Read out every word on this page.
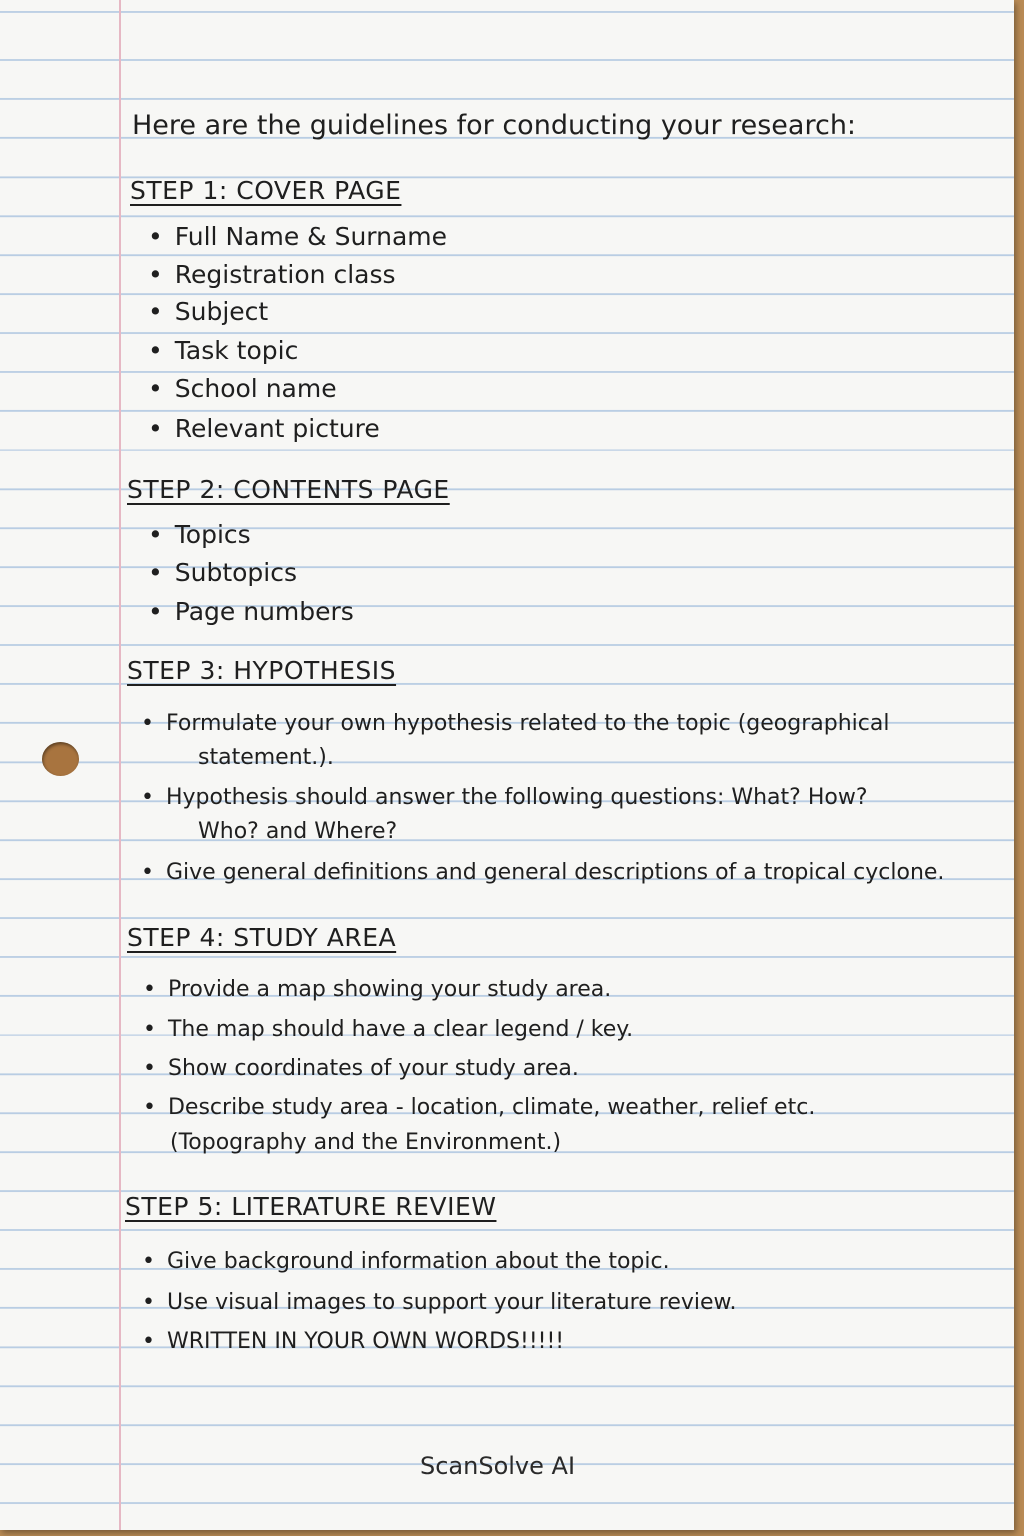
Here are the guidelines for conducting your research:
STEP 1: COVER PAGE
• Full Name & Surname
• Registration class
• Subject
• Task topic
• School name
• Relevant picture
STEP 2: CONTENTS PAGE
• Topics
• Subtopics
• Page numbers
STEP 3: HYPOTHESIS
• Formulate your own hypothesis related to the topic (geographical
statement.).
• Hypothesis should answer the following questions: What? How?
Who? and Where?
• Give general definitions and general descriptions of a tropical cyclone.
STEP 4: STUDY AREA
• Provide a map showing your study area.
• The map should have a clear legend / key.
• Show coordinates of your study area.
• Describe study area - location, climate, weather, relief etc.
(Topography and the Environment.)
STEP 5: LITERATURE REVIEW
• Give background information about the topic.
• Use visual images to support your literature review.
• WRITTEN IN YOUR OWN WORDS!!!!!
ScanSolve AI
